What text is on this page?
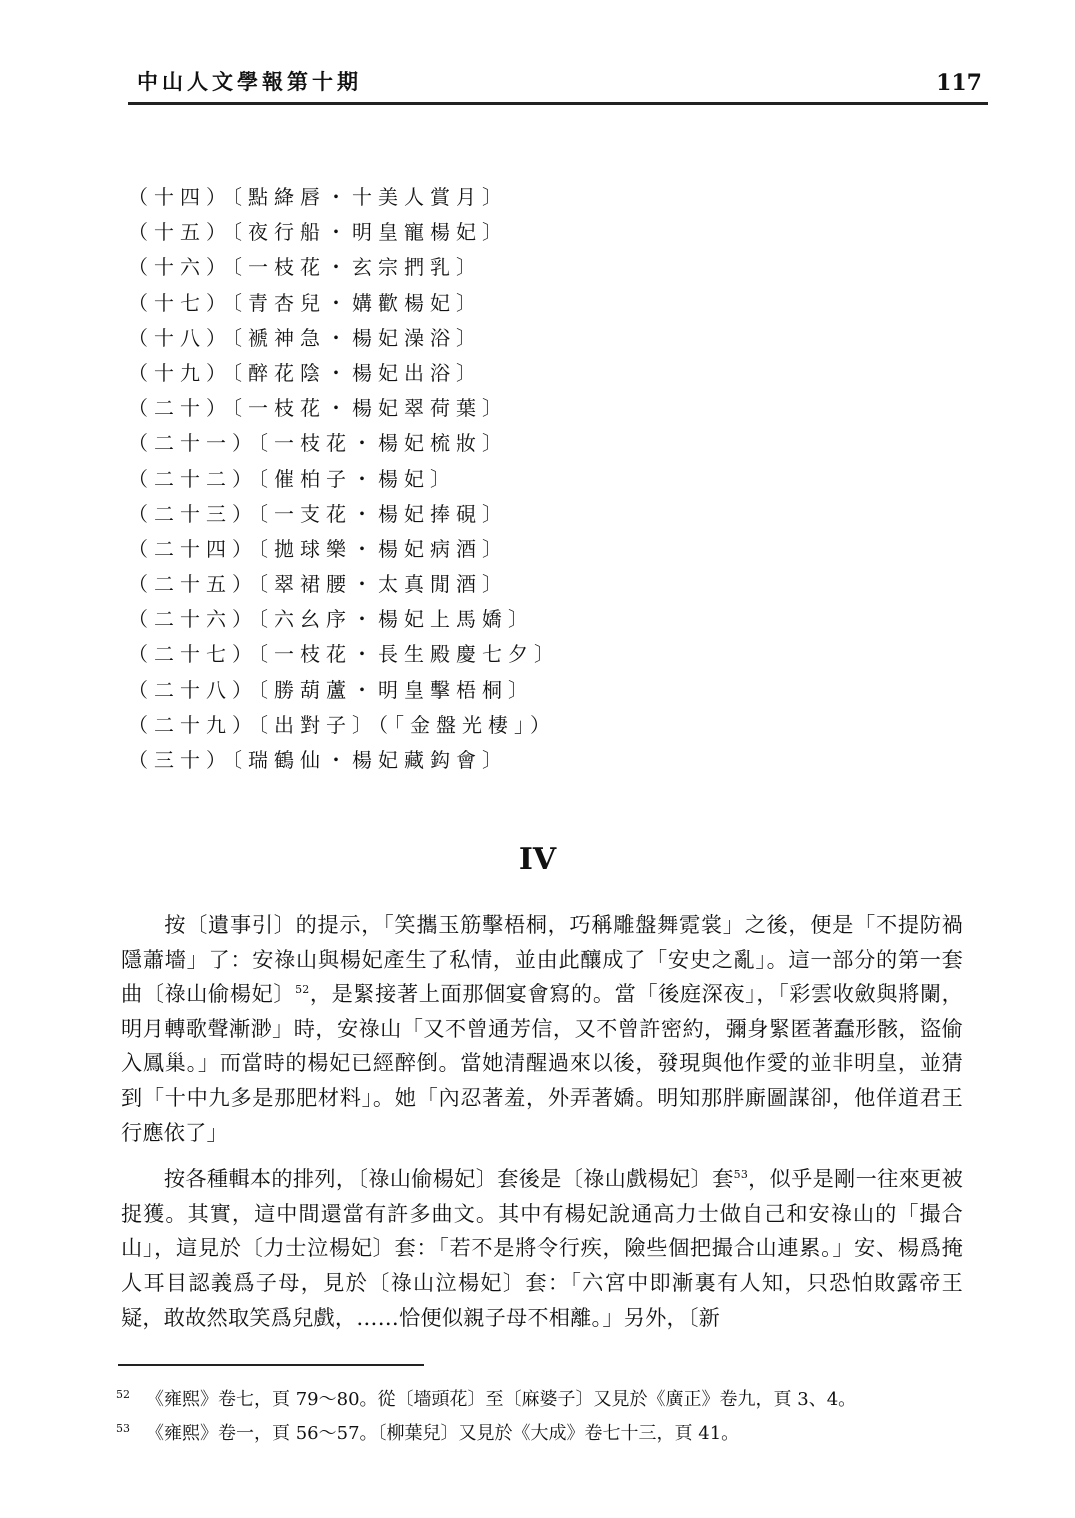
中山人文學報第十期	117
（十四）〔點絳唇・十美人賞月〕
（十五）〔夜行船・明皇寵楊妃〕
（十六）〔一枝花・玄宗捫乳〕
（十七）〔青杏兒・媾歡楊妃〕
（十八）〔褫神急・楊妃澡浴〕
（十九）〔醉花陰・楊妃出浴〕
（二十）〔一枝花・楊妃翠荷葉〕
（二十一）〔一枝花・楊妃梳妝〕
（二十二）〔催柏子・楊妃〕
（二十三）〔一支花・楊妃捧硯〕
（二十四）〔拋球樂・楊妃病酒〕
（二十五）〔翠裙腰・太真閒酒〕
（二十六）〔六幺序・楊妃上馬嬌〕
（二十七）〔一枝花・長生殿慶七夕〕
（二十八）〔勝葫蘆・明皇擊梧桐〕
（二十九）〔出對子〕（「金盤光棲」）
（三十）〔瑞鶴仙・楊妃藏鈎會〕
IV

  按〔遺事引〕的提示，「笑攜玉筋擊梧桐，巧稱雕盤舞霓裳」之後，便是「不提防禍隱蕭墻」了：安祿山與楊妃產生了私情，並由此釀成了「安史之亂」。這一部分的第一套曲〔祿山偷楊妃〕$^{52}$，是緊接著上面那個宴會寫的。當「後庭深夜」，「彩雲收斂與將闌，明月轉歌聲漸渺」時，安祿山「又不曾通芳信，又不曾許密約，彌身緊匿著蠢形骸，盜偷入鳳巢。」而當時的楊妃已經醉倒。當她清醒過來以後，發現與他作愛的並非明皇，並猜到「十中九多是那肥材料」。她「內忍著羞，外弄著嬌。明知那胖廝圖謀卻，他佯道君王行應依了」

  按各種輯本的排列，〔祿山偷楊妃〕套後是〔祿山戲楊妃〕套$^{53}$，似乎是剛一往來更被捉獲。其實，這中間還當有許多曲文。其中有楊妃說通高力士做自己和安祿山的「撮合山」，這見於〔力士泣楊妃〕套：「若不是將令行疾，險些個把撮合山連累。」安、楊爲掩人耳目認義爲子母，見於〔祿山泣楊妃〕套：「六宮中即漸裏有人知，只恐怕敗露帝王疑，敢故然取笑爲兒戲，……恰便似親子母不相離。」另外，〔新

$^{52}$ 《雍熙》卷七，頁 79～80。從〔墻頭花〕至〔麻婆子〕又見於《廣正》卷九，頁 3、4。
$^{53}$ 《雍熙》卷一，頁 56～57。〔柳葉兒〕又見於《大成》卷七十三，頁 41。
